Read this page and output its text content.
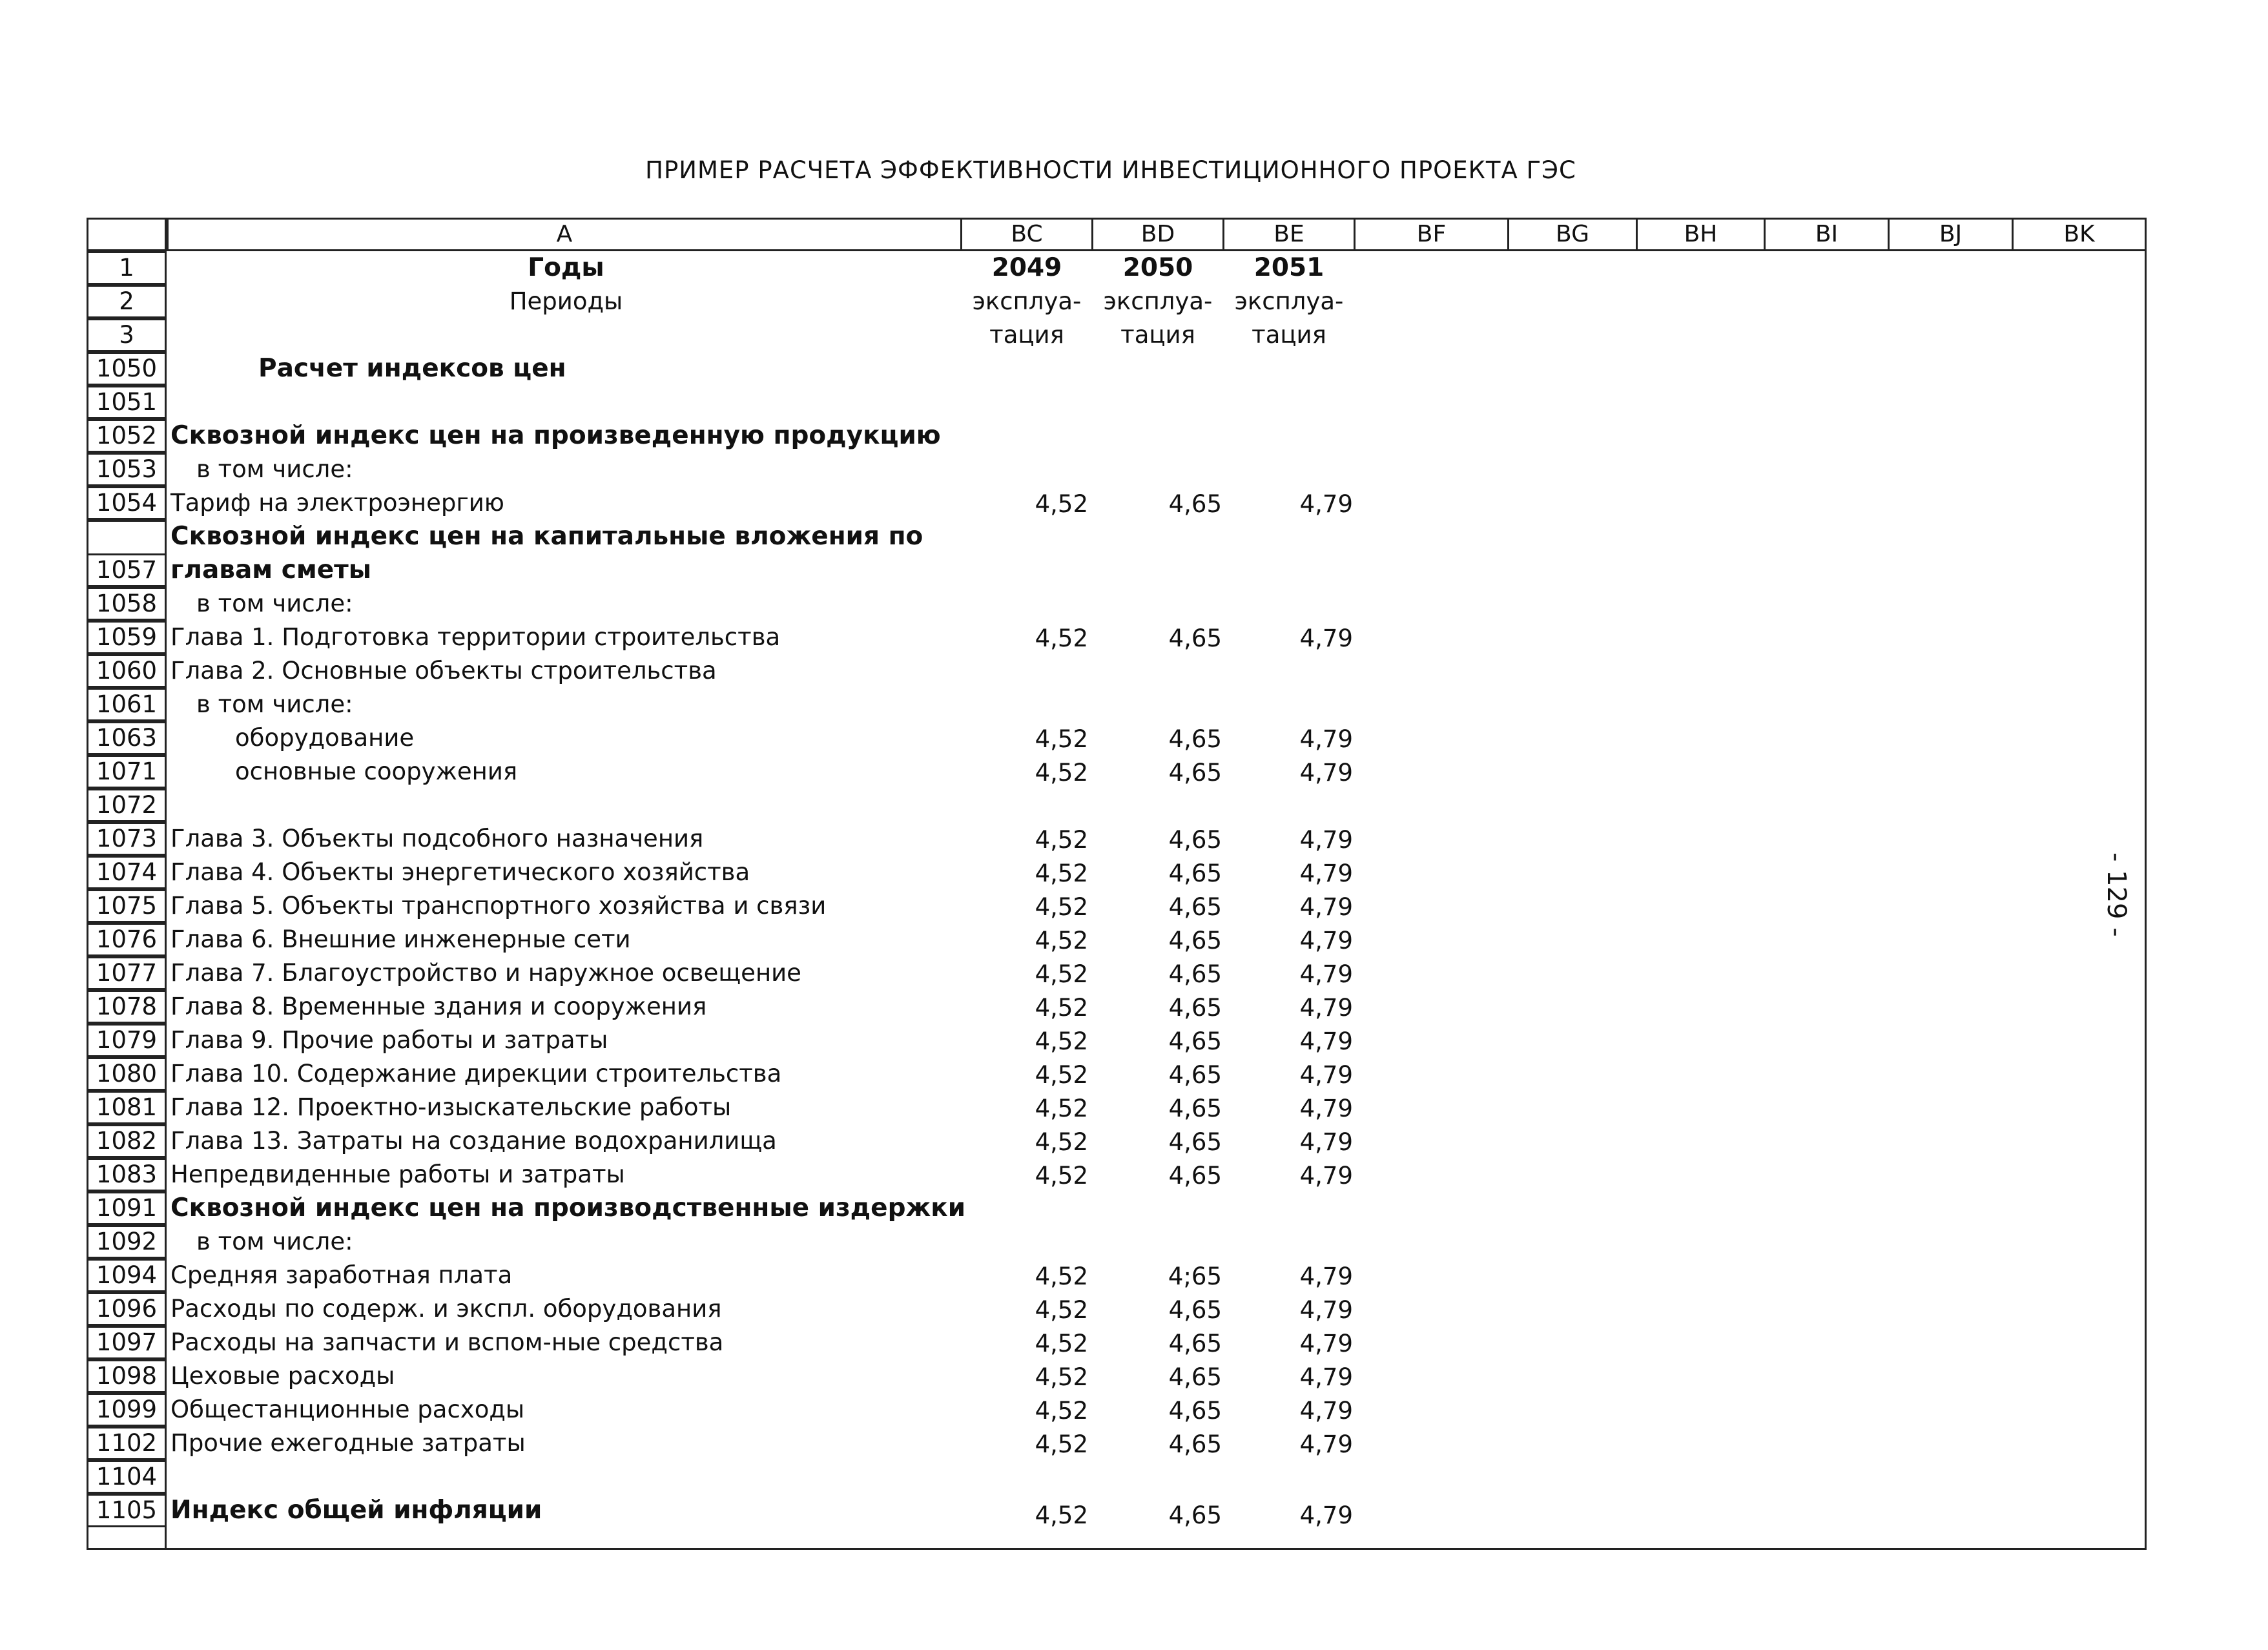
ПРИМЕР РАСЧЕТА ЭФФЕКТИВНОСТИ ИНВЕСТИЦИОННОГО ПРОЕКТА ГЭС
A	BC	BD	BE	BF	BG	BH	BI	BJ	BK
1	Годы	2049	2050	2051
2	Периоды	эксплуа- эксплуа- эксплуа-
3	тация	тация	тация
1050	Расчет индексов цен
1051
1052 Сквозной индекс цен на произведенную продукцию
1053	в том числе:
1054 Тариф на электроэнергию	4,52	4,65	4,79
1057
Сквозной индекс цен на капитальные вложения по
главам сметы
1058	в том числе:
1059 Глава 1. Подготовка территории строительства	4,52	4,65	4,79
1060 Глава 2. Основные объекты строительства
1061	в том числе:
1063	оборудование	4,52	4,65	4,79
1071	основные сооружения	4,52	4,65	4,79
1072
1073 Глава 3. Объекты подсобного назначения	4,52	4,65	4,79
1074 Глава 4. Объекты энергетического хозяйства	4,52	4,65	4,79
1075 Глава 5. Объекты транспортного хозяйства и связи	4,52	4,65	4,79
1076 Глава 6. Внешние инженерные сети	4,52	4,65	4,79
1077 Глава 7. Благоустройство и наружное освещение	4,52	4,65	4,79
1078 Глава 8. Временные здания и сооружения	4,52	4,65	4,79
1079 Глава 9. Прочие работы и затраты	4,52	4,65	4,79
1080 Глава 10. Содержание дирекции строительства	4,52	4,65	4,79
1081 Глава 12. Проектно-изыскательские работы	4,52	4,65	4,79
1082 Глава 13. Затраты на создание водохранилища	4,52	4,65	4,79
1083 Непредвиденные работы и затраты	4,52	4,65	4,79
1091 Сквозной индекс цен на производственные издержки
1092	в том числе:
1094 Средняя заработная плата	4,52	4;65	4,79
1096 Расходы по содерж. и экспл. оборудования	4,52	4,65	4,79
1097 Расходы на запчасти и вспом-ные средства	4,52	4,65	4,79
1098 Цеховые расходы	4,52	4,65	4,79
1099 Общестанционные расходы	4,52	4,65	4,79
1102 Прочие ежегодные затраты	4,52	4,65	4,79
1104
1105 Индекс общей инфляции	4,52	4,65	4,79
- 129 -
